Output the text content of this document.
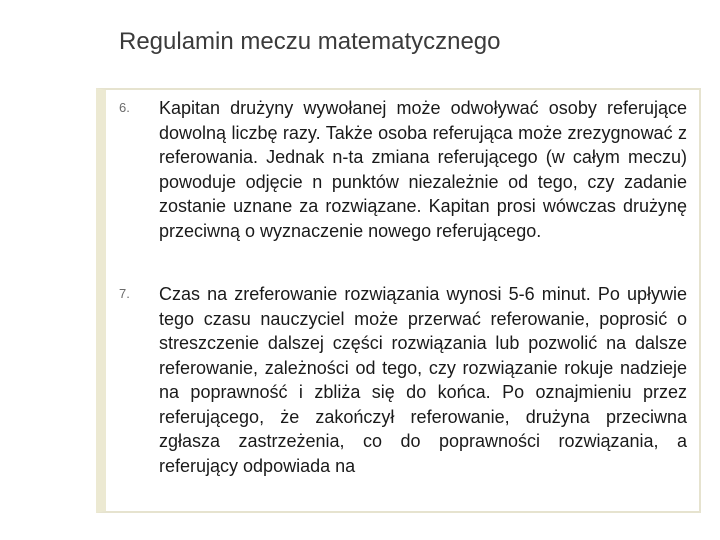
Regulamin meczu matematycznego
6. Kapitan drużyny wywołanej może odwoływać osoby referujące dowolną liczbę razy. Także osoba referująca może zrezygnować z referowania. Jednak n-ta zmiana referującego (w całym meczu) powoduje odjęcie n punktów niezależnie od tego, czy zadanie zostanie uznane za rozwiązane. Kapitan prosi wówczas drużynę przeciwną o wyznaczenie nowego referującego.
7. Czas na zreferowanie rozwiązania wynosi 5-6 minut. Po upływie tego czasu nauczyciel może przerwać referowanie, poprosić o streszczenie dalszej części rozwiązania lub pozwolić na dalsze referowanie, zależności od tego, czy rozwiązanie rokuje nadzieje na poprawność i zbliża się do końca. Po oznajmieniu przez referującego, że zakończył referowanie, drużyna przeciwna zgłasza zastrzeżenia, co do poprawności rozwiązania, a referujący odpowiada na
